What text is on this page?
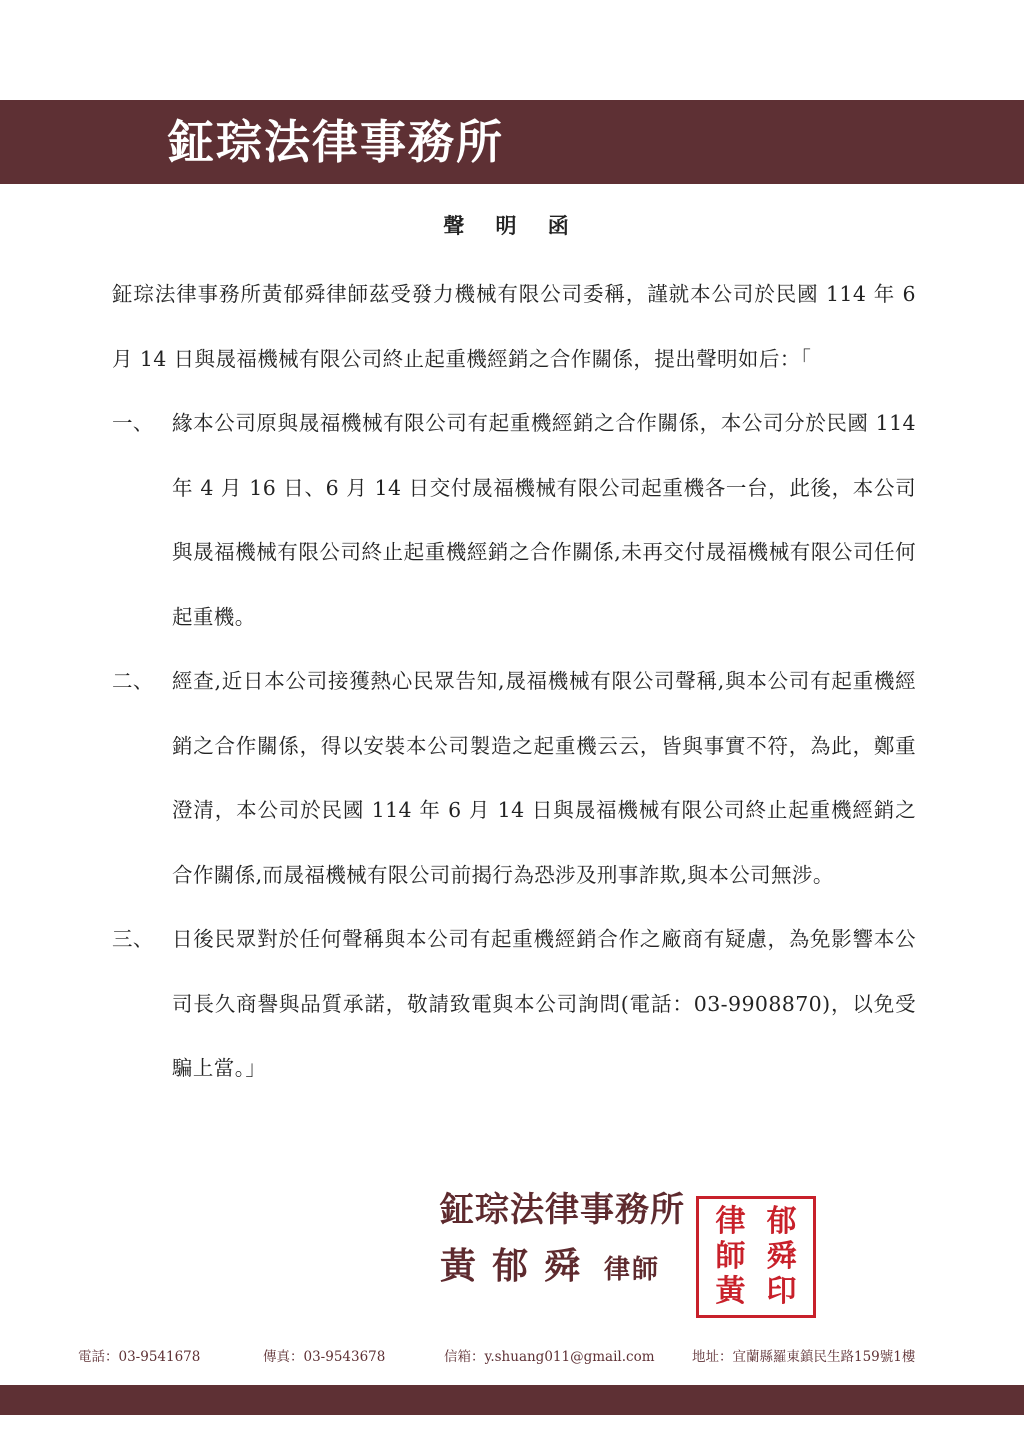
鉦琮法律事務所
聲 明 函

鉦琮法律事務所黃郁舜律師茲受發力機械有限公司委稱，謹就本公司於民國 114 年 6 月 14 日與晟福機械有限公司終止起重機經銷之合作關係，提出聲明如后：「

一、 緣本公司原與晟福機械有限公司有起重機經銷之合作關係，本公司分於民國 114 年 4 月 16 日、6 月 14 日交付晟福機械有限公司起重機各一台，此後，本公司與晟福機械有限公司終止起重機經銷之合作關係,未再交付晟福機械有限公司任何起重機。
二、 經查,近日本公司接獲熱心民眾告知,晟福機械有限公司聲稱,與本公司有起重機經銷之合作關係，得以安裝本公司製造之起重機云云，皆與事實不符，為此，鄭重澄清，本公司於民國 114 年 6 月 14 日與晟福機械有限公司終止起重機經銷之合作關係,而晟福機械有限公司前揭行為恐涉及刑事詐欺,與本公司無涉。
三、 日後民眾對於任何聲稱與本公司有起重機經銷合作之廠商有疑慮，為免影響本公司長久商譽與品質承諾，敬請致電與本公司詢問(電話：03-9908870)，以免受騙上當。」
鉦琮法律事務所
黃郁舜 律師
律
師
黃
郁
舜
印
電話：03-9541678	傳真：03-9543678	信箱：y.shuang011@gmail.com	地址：宜蘭縣羅東鎮民生路159號1樓
